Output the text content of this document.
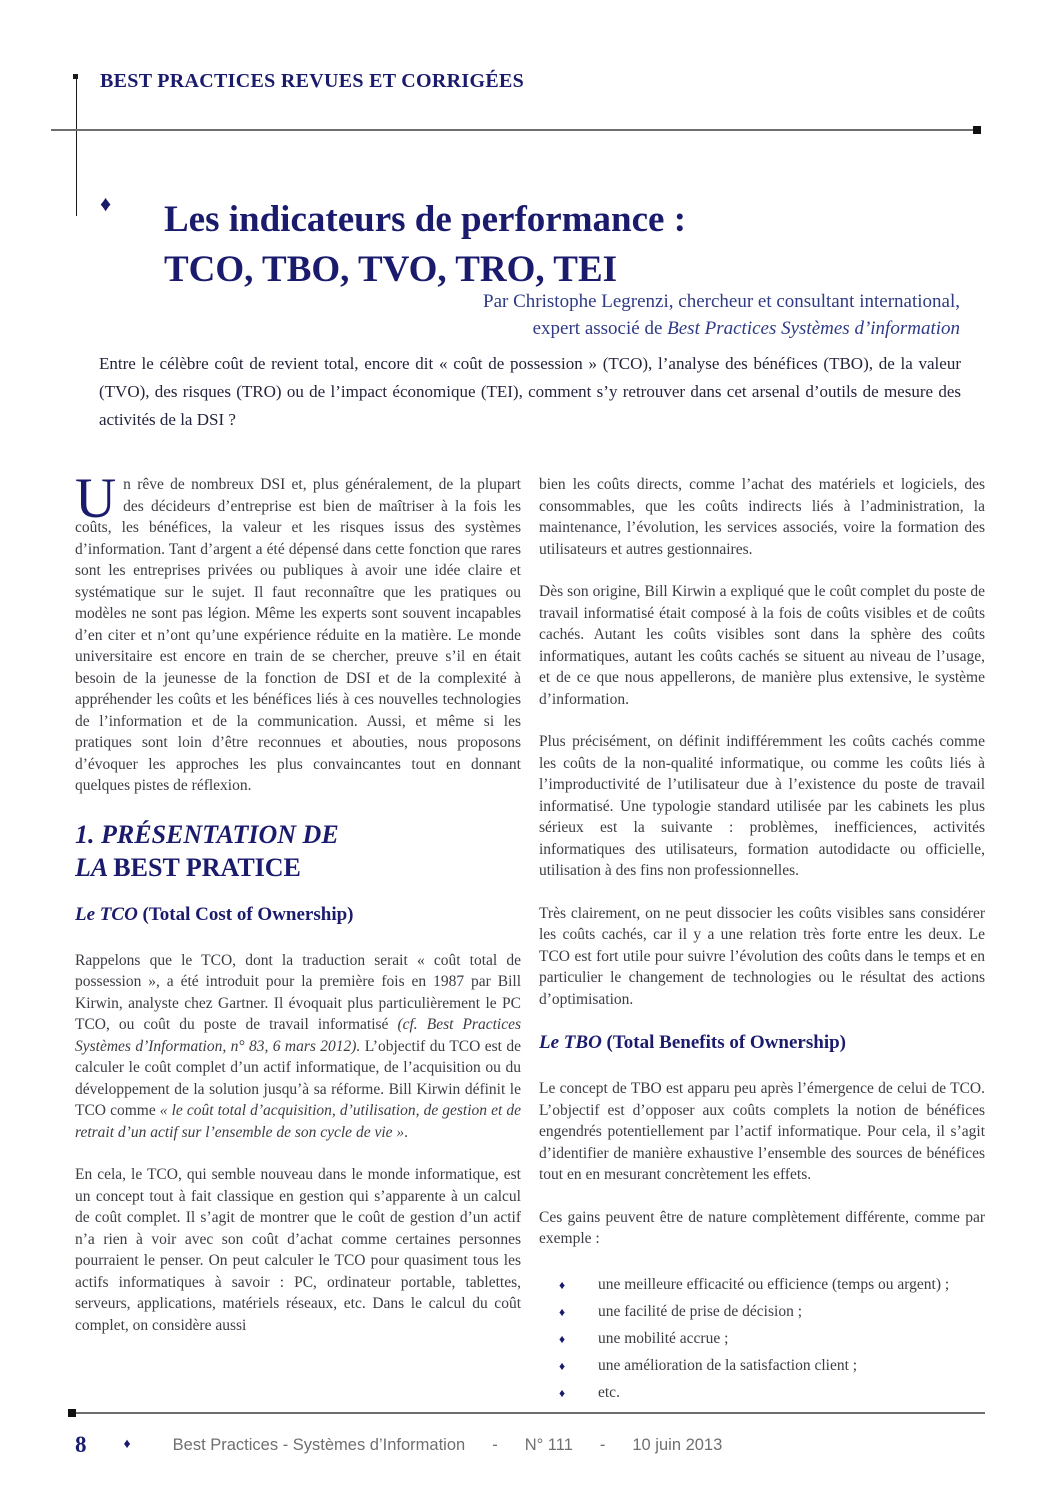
BEST PRACTICES REVUES ET CORRIGÉES
♦ Les indicateurs de performance :
TCO, TBO, TVO, TRO, TEI
Par Christophe Legrenzi, chercheur et consultant international,
expert associé de Best Practices Systèmes d’information

Entre le célèbre coût de revient total, encore dit « coût de possession » (TCO), l’analyse des bénéfices (TBO), de la valeur (TVO), des risques (TRO) ou de l’impact économique (TEI), comment s’y retrouver dans cet arsenal d’outils de mesure des activités de la DSI ?

Un rêve de nombreux DSI et, plus généralement, de la plupart des décideurs d’entreprise est bien de maîtriser à la fois les coûts, les bénéfices, la valeur et les risques issus des systèmes d’information. Tant d’argent a été dépensé dans cette fonction que rares sont les entreprises privées ou publiques à avoir une idée claire et systématique sur le sujet. Il faut reconnaître que les pratiques ou modèles ne sont pas légion. Même les experts sont souvent incapables d’en citer et n’ont qu’une expérience réduite en la matière. Le monde universitaire est encore en train de se chercher, preuve s’il en était besoin de la jeunesse de la fonction de DSI et de la complexité à appréhender les coûts et les bénéfices liés à ces nouvelles technologies de l’information et de la communication. Aussi, et même si les pratiques sont loin d’être reconnues et abouties, nous proposons d’évoquer les approches les plus convaincantes tout en donnant quelques pistes de réflexion.

1. PRÉSENTATION DE
LA BEST PRATICE
Le TCO (Total Cost of Ownership)

Rappelons que le TCO, dont la traduction serait « coût total de possession », a été introduit pour la première fois en 1987 par Bill Kirwin, analyste chez Gartner. Il évoquait plus particulièrement le PC TCO, ou coût du poste de travail informatisé (cf. Best Practices Systèmes d’Information, n° 83, 6 mars 2012). L’objectif du TCO est de calculer le coût complet d’un actif informatique, de l’acquisition ou du développement de la solution jusqu’à sa réforme. Bill Kirwin définit le TCO comme « le coût total d’acquisition, d’utilisation, de gestion et de retrait d’un actif sur l’ensemble de son cycle de vie ».

En cela, le TCO, qui semble nouveau dans le monde informatique, est un concept tout à fait classique en gestion qui s’apparente à un calcul de coût complet. Il s’agit de montrer que le coût de gestion d’un actif n’a rien à voir avec son coût d’achat comme certaines personnes pourraient le penser. On peut calculer le TCO pour quasiment tous les actifs informatiques à savoir : PC, ordinateur portable, tablettes, serveurs, applications, matériels réseaux, etc. Dans le calcul du coût complet, on considère aussi

bien les coûts directs, comme l’achat des matériels et logiciels, des consommables, que les coûts indirects liés à l’administration, la maintenance, l’évolution, les services associés, voire la formation des utilisateurs et autres gestionnaires.

Dès son origine, Bill Kirwin a expliqué que le coût complet du poste de travail informatisé était composé à la fois de coûts visibles et de coûts cachés. Autant les coûts visibles sont dans la sphère des coûts informatiques, autant les coûts cachés se situent au niveau de l’usage, et de ce que nous appellerons, de manière plus extensive, le système d’information.

Plus précisément, on définit indifféremment les coûts cachés comme les coûts de la non-qualité informatique, ou comme les coûts liés à l’improductivité de l’utilisateur due à l’existence du poste de travail informatisé. Une typologie standard utilisée par les cabinets les plus sérieux est la suivante : problèmes, inefficiences, activités informatiques des utilisateurs, formation autodidacte ou officielle, utilisation à des fins non professionnelles.

Très clairement, on ne peut dissocier les coûts visibles sans considérer les coûts cachés, car il y a une relation très forte entre les deux. Le TCO est fort utile pour suivre l’évolution des coûts dans le temps et en particulier le changement de technologies ou le résultat des actions d’optimisation.

Le TBO (Total Benefits of Ownership)

Le concept de TBO est apparu peu après l’émergence de celui de TCO. L’objectif est d’opposer aux coûts complets la notion de bénéfices engendrés potentiellement par l’actif informatique. Pour cela, il s’agit d’identifier de manière exhaustive l’ensemble des sources de bénéfices tout en en mesurant concrètement les effets.

Ces gains peuvent être de nature complètement différente, comme par exemple :

♦ une meilleure efficacité ou efficience (temps ou argent) ;
♦ une facilité de prise de décision ;
♦ une mobilité accrue ;
♦ une amélioration de la satisfaction client ;
♦ etc.
8	♦	Best Practices - Systèmes d’Information - N° 111 - 10 juin 2013
